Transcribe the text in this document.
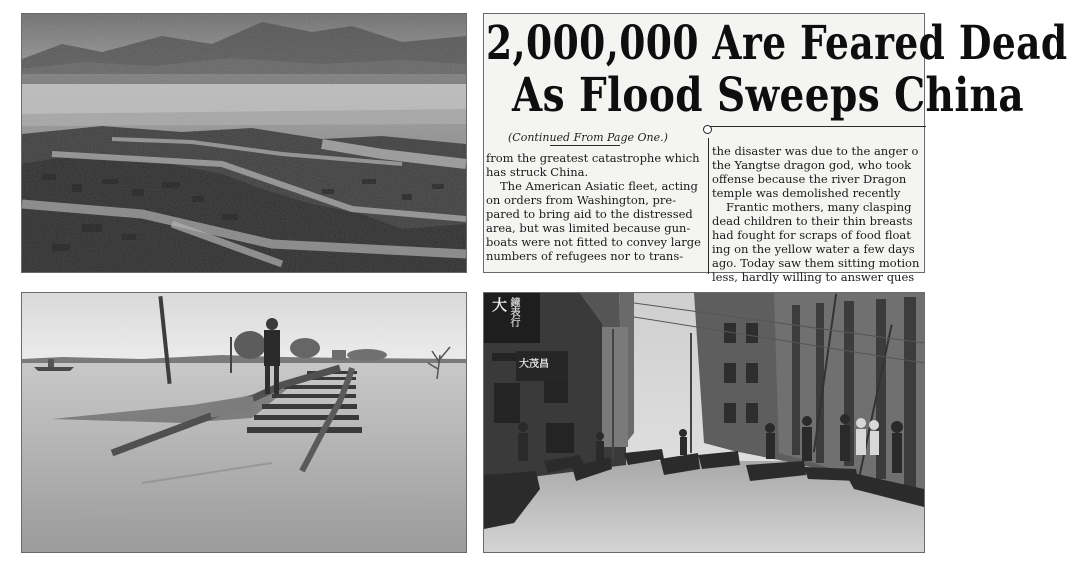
2,000,000 Are Feared Dead
As Flood Sweeps China
(Continued From Page One.)
from the greatest catastrophe which
has struck China.
The American Asiatic fleet, acting
on orders from Washington, pre-
pared to bring aid to the distressed
area, but was limited because gun-
boats were not fitted to convey large
numbers of refugees nor to trans-
the disaster was due to the anger o
the Yangtse dragon god, who took
offense because the river Dragon
temple was demolished recently
Frantic mothers, many clasping
dead children to their thin breasts
had fought for scraps of food float
ing on the yellow water a few days
ago. Today saw them sitting motion
less, hardly willing to answer ques
大 鐘表行
大茂昌
